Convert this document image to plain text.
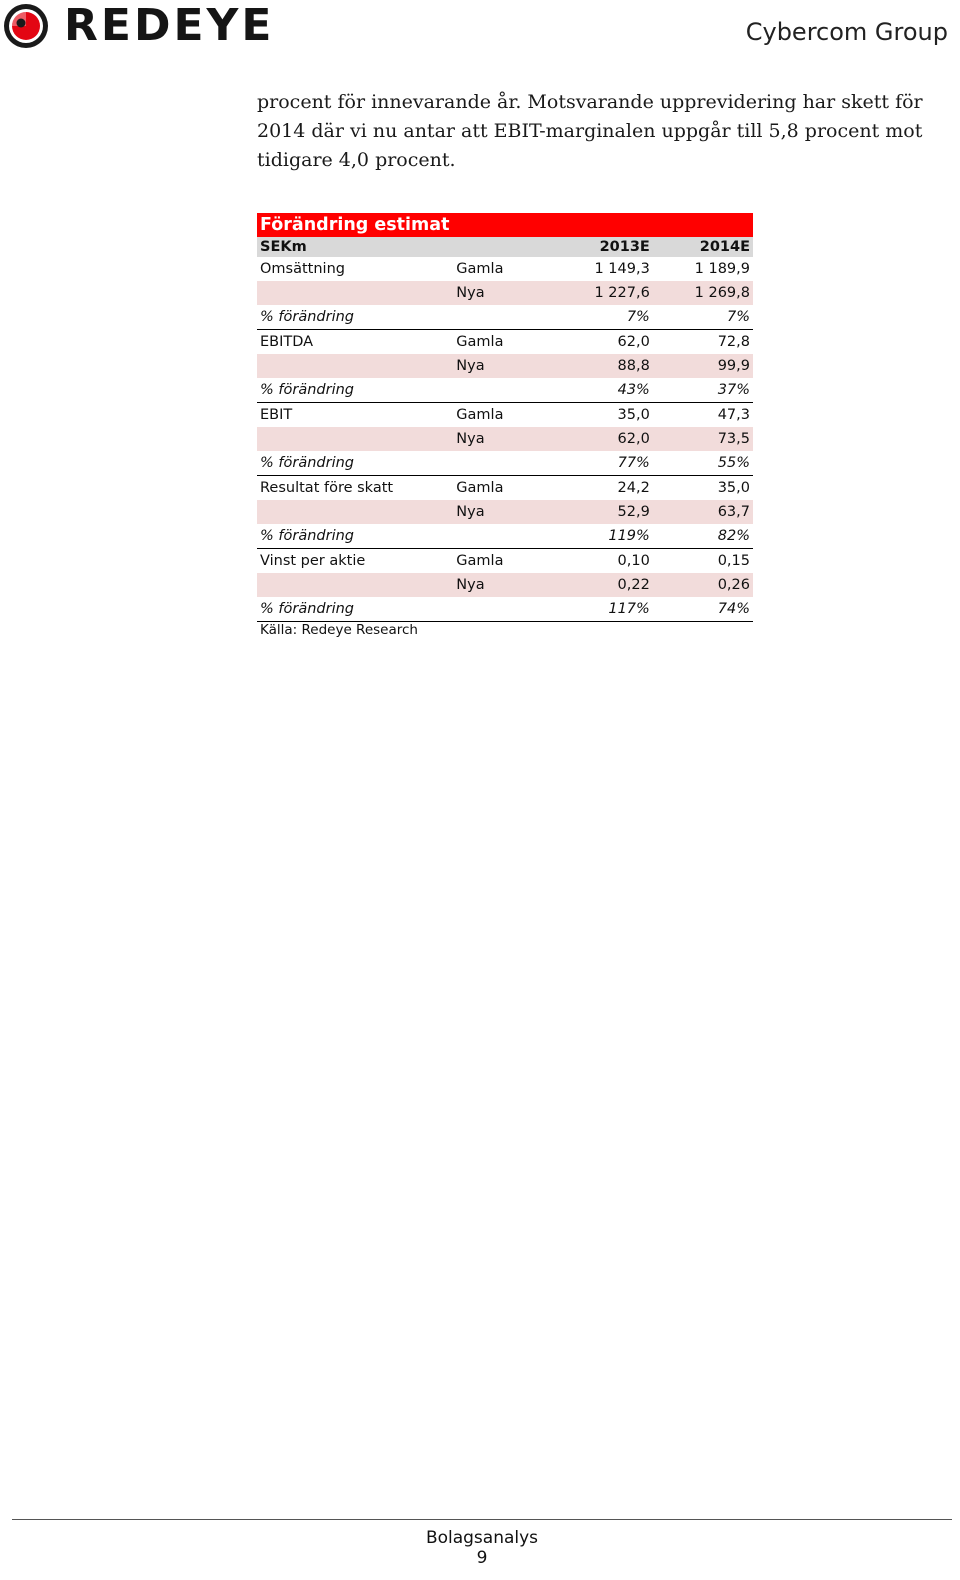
REDEYE	Cybercom Group

procent för innevarande år. Motsvarande upprevidering har skett för 2014 där vi nu antar att EBIT-marginalen uppgår till 5,8 procent mot tidigare 4,0 procent.

Förändring estimat			
SEKm		2013E	2014E
Omsättning	Gamla	1 149,3	1 189,9
	Nya	1 227,6	1 269,8
% förändring		7%	7%
EBITDA	Gamla	62,0	72,8
	Nya	88,8	99,9
% förändring		43%	37%
EBIT	Gamla	35,0	47,3
	Nya	62,0	73,5
% förändring		77%	55%
Resultat före skatt	Gamla	24,2	35,0
	Nya	52,9	63,7
% förändring		119%	82%
Vinst per aktie	Gamla	0,10	0,15
	Nya	0,22	0,26
% förändring		117%	74%
Källa: Redeye Research
Bolagsanalys
9
